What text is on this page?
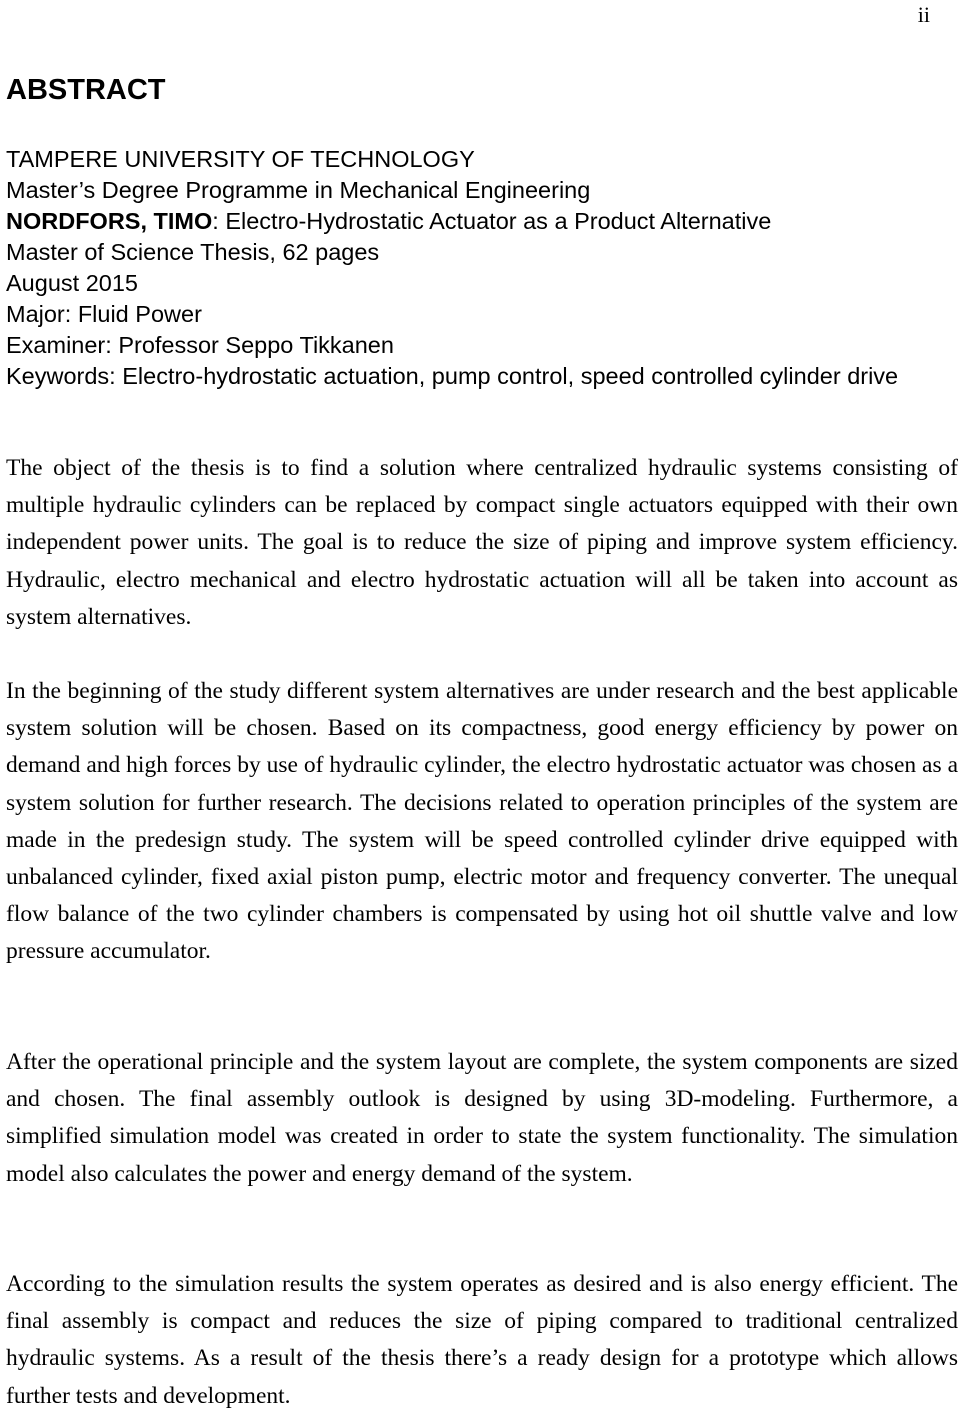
ii
ABSTRACT
TAMPERE UNIVERSITY OF TECHNOLOGY
Master’s Degree Programme in Mechanical Engineering
NORDFORS, TIMO: Electro-Hydrostatic Actuator as a Product Alternative
Master of Science Thesis, 62 pages
August 2015
Major: Fluid Power
Examiner: Professor Seppo Tikkanen
Keywords: Electro-hydrostatic actuation, pump control, speed controlled cylinder drive

The object of the thesis is to find a solution where centralized hydraulic systems consisting of multiple hydraulic cylinders can be replaced by compact single actuators equipped with their own independent power units. The goal is to reduce the size of piping and improve system efficiency. Hydraulic, electro mechanical and electro hydrostatic actuation will all be taken into account as system alternatives.

In the beginning of the study different system alternatives are under research and the best applicable system solution will be chosen. Based on its compactness, good energy efficiency by power on demand and high forces by use of hydraulic cylinder, the electro hydrostatic actuator was chosen as a system solution for further research. The decisions related to operation principles of the system are made in the predesign study. The system will be speed controlled cylinder drive equipped with unbalanced cylinder, fixed axial piston pump, electric motor and frequency converter. The unequal flow balance of the two cylinder chambers is compensated by using hot oil shuttle valve and low pressure accumulator.

After the operational principle and the system layout are complete, the system components are sized and chosen. The final assembly outlook is designed by using 3D-modeling. Furthermore, a simplified simulation model was created in order to state the system functionality. The simulation model also calculates the power and energy demand of the system.

According to the simulation results the system operates as desired and is also energy efficient. The final assembly is compact and reduces the size of piping compared to traditional centralized hydraulic systems. As a result of the thesis there’s a ready design for a prototype which allows further tests and development.
